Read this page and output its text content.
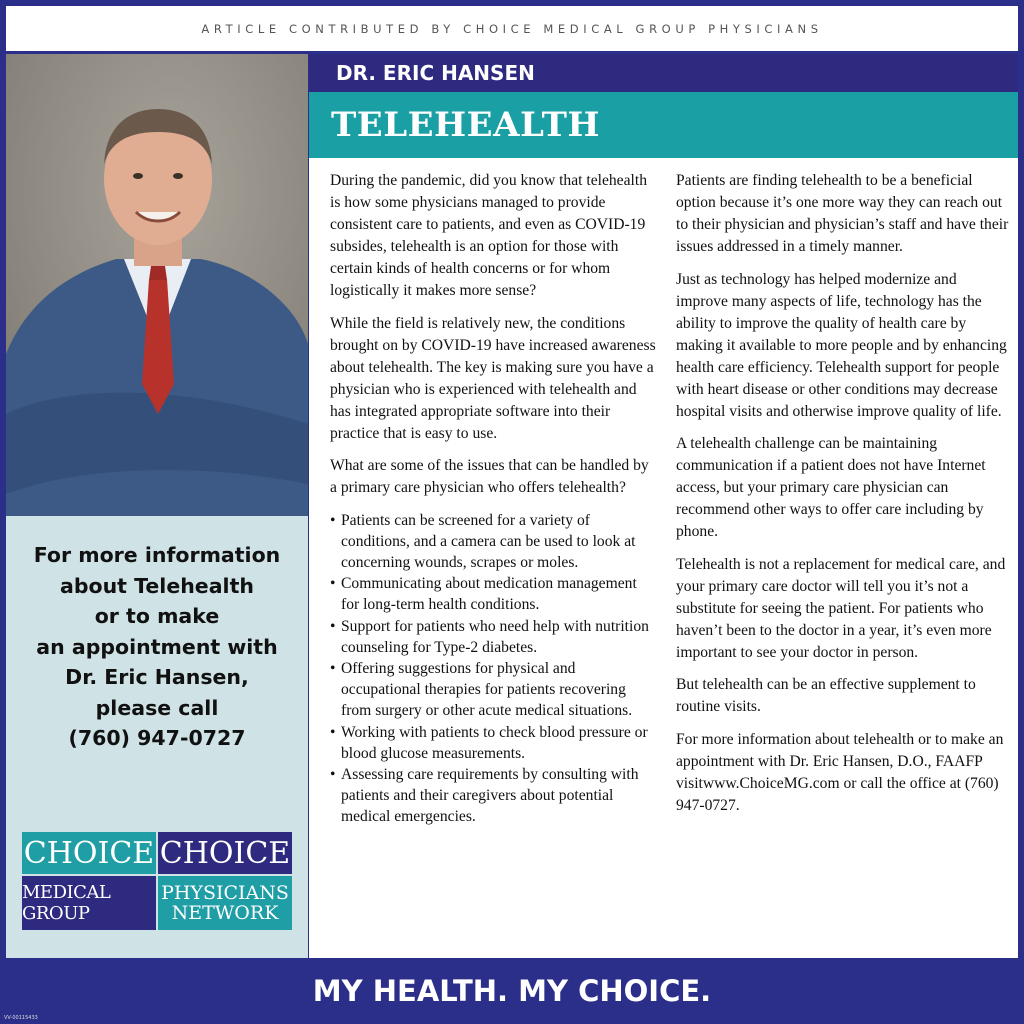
ARTICLE CONTRIBUTED BY CHOICE MEDICAL GROUP PHYSICIANS
DR. ERIC HANSEN
TELEHEALTH
For more information
about Telehealth
or to make
an appointment with
Dr. Eric Hansen,
please call
(760) 947-0727
CHOICE CHOICE
MEDICAL GROUP
PHYSICIANS
NETWORK

During the pandemic, did you know that telehealth is how some physicians managed to provide consistent care to patients, and even as COVID-19 subsides, telehealth is an option for those with certain kinds of health concerns or for whom logistically it makes more sense?

While the field is relatively new, the conditions brought on by COVID-19 have increased awareness about telehealth. The key is making sure you have a physician who is experienced with telehealth and has integrated appropriate software into their practice that is easy to use.

What are some of the issues that can be handled by a primary care physician who offers telehealth?

• Patients can be screened for a variety of conditions, and a camera can be used to look at concerning wounds, scrapes or moles.
• Communicating about medication management for long-term health conditions.
• Support for patients who need help with nutrition counseling for Type-2 diabetes.
• Offering suggestions for physical and occupational therapies for patients recovering from surgery or other acute medical situations.
• Working with patients to check blood pressure or blood glucose measurements.
• Assessing care requirements by consulting with patients and their caregivers about potential medical emergencies.

Patients are finding telehealth to be a beneficial option because it’s one more way they can reach out to their physician and physician’s staff and have their issues addressed in a timely manner.

Just as technology has helped modernize and improve many aspects of life, technology has the ability to improve the quality of health care by making it available to more people and by enhancing health care efficiency. Telehealth support for people with heart disease or other conditions may decrease hospital visits and otherwise improve quality of life.

A telehealth challenge can be maintaining communication if a patient does not have Internet access, but your primary care physician can recommend other ways to offer care including by phone.

Telehealth is not a replacement for medical care, and your primary care doctor will tell you it’s not a substitute for seeing the patient. For patients who haven’t been to the doctor in a year, it’s even more important to see your doctor in person.

But telehealth can be an effective supplement to routine visits.

For more information about telehealth or to make an appointment with Dr. Eric Hansen, D.O., FAAFP visitwww.ChoiceMG.com or call the office at (760) 947-0727.

MY HEALTH. MY CHOICE.
VV-00115433
